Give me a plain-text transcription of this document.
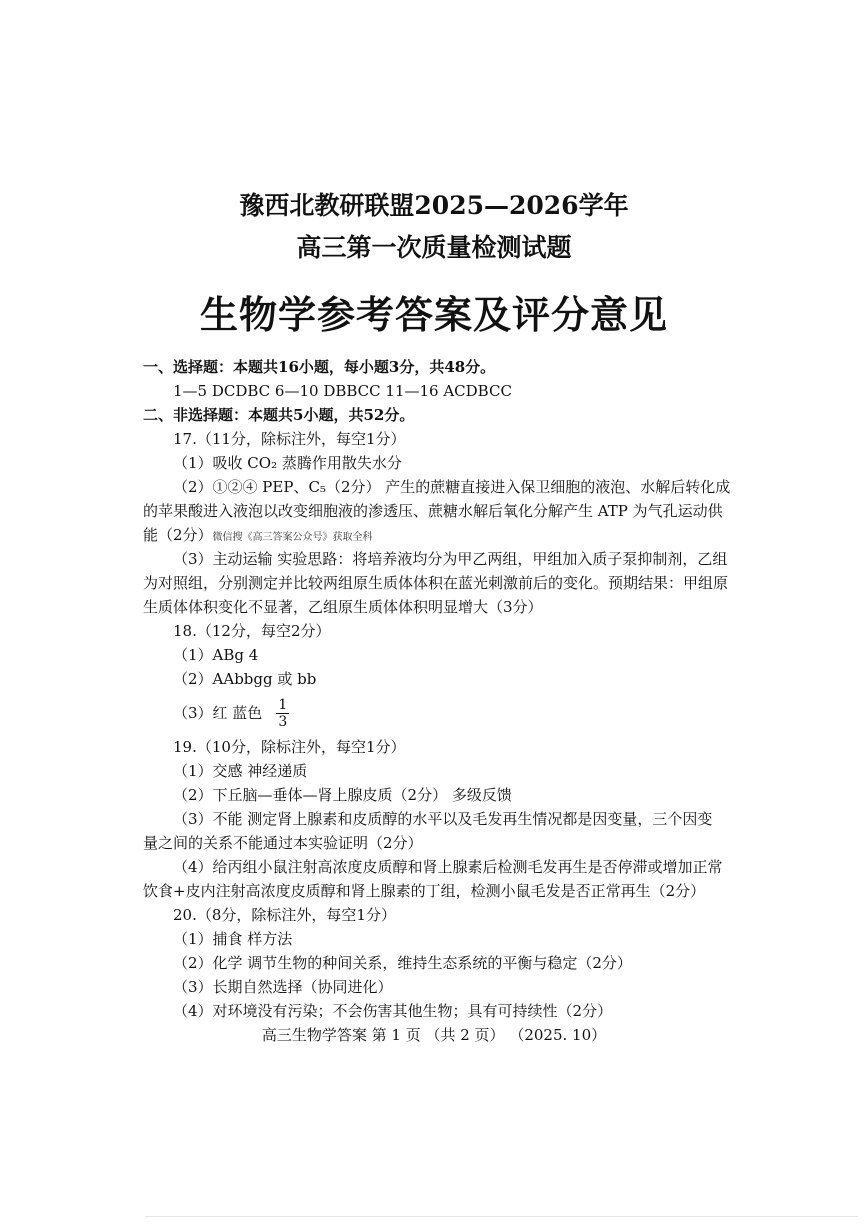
豫西北教研联盟2025—2026学年
高三第一次质量检测试题
生物学参考答案及评分意见
一、选择题：本题共16小题，每小题3分，共48分。
1—5 DCDBC 6—10 DBBCC 11—16 ACDBCC
二、非选择题：本题共5小题，共52分。
17.（11分，除标注外，每空1分）
（1）吸收 CO₂ 蒸腾作用散失水分
（2）①②④ PEP、C₅（2分） 产生的蔗糖直接进入保卫细胞的液泡、水解后转化成
的苹果酸进入液泡以改变细胞液的渗透压、蔗糖水解后氧化分解产生 ATP 为气孔运动供
能（2分）微信搜《高三答案公众号》获取全科
（3）主动运输 实验思路：将培养液均分为甲乙两组，甲组加入质子泵抑制剂，乙组
为对照组，分别测定并比较两组原生质体体积在蓝光刺激前后的变化。预期结果：甲组原
生质体体积变化不显著，乙组原生质体体积明显增大（3分）
18.（12分，每空2分）
（1）ABg 4
（2）AAbbgg 或 bb
（3）红 蓝色 $\frac{1}{3}$
19.（10分，除标注外，每空1分）
（1）交感 神经递质
（2）下丘脑—垂体—肾上腺皮质（2分） 多级反馈
（3）不能 测定肾上腺素和皮质醇的水平以及毛发再生情况都是因变量，三个因变
量之间的关系不能通过本实验证明（2分）
（4）给丙组小鼠注射高浓度皮质醇和肾上腺素后检测毛发再生是否停滞或增加正常
饮食+皮内注射高浓度皮质醇和肾上腺素的丁组，检测小鼠毛发是否正常再生（2分）
20.（8分，除标注外，每空1分）
（1）捕食 样方法
（2）化学 调节生物的种间关系，维持生态系统的平衡与稳定（2分）
（3）长期自然选择（协同进化）
（4）对环境没有污染；不会伤害其他生物；具有可持续性（2分）
高三生物学答案 第 1 页 （共 2 页） （2025. 10）
